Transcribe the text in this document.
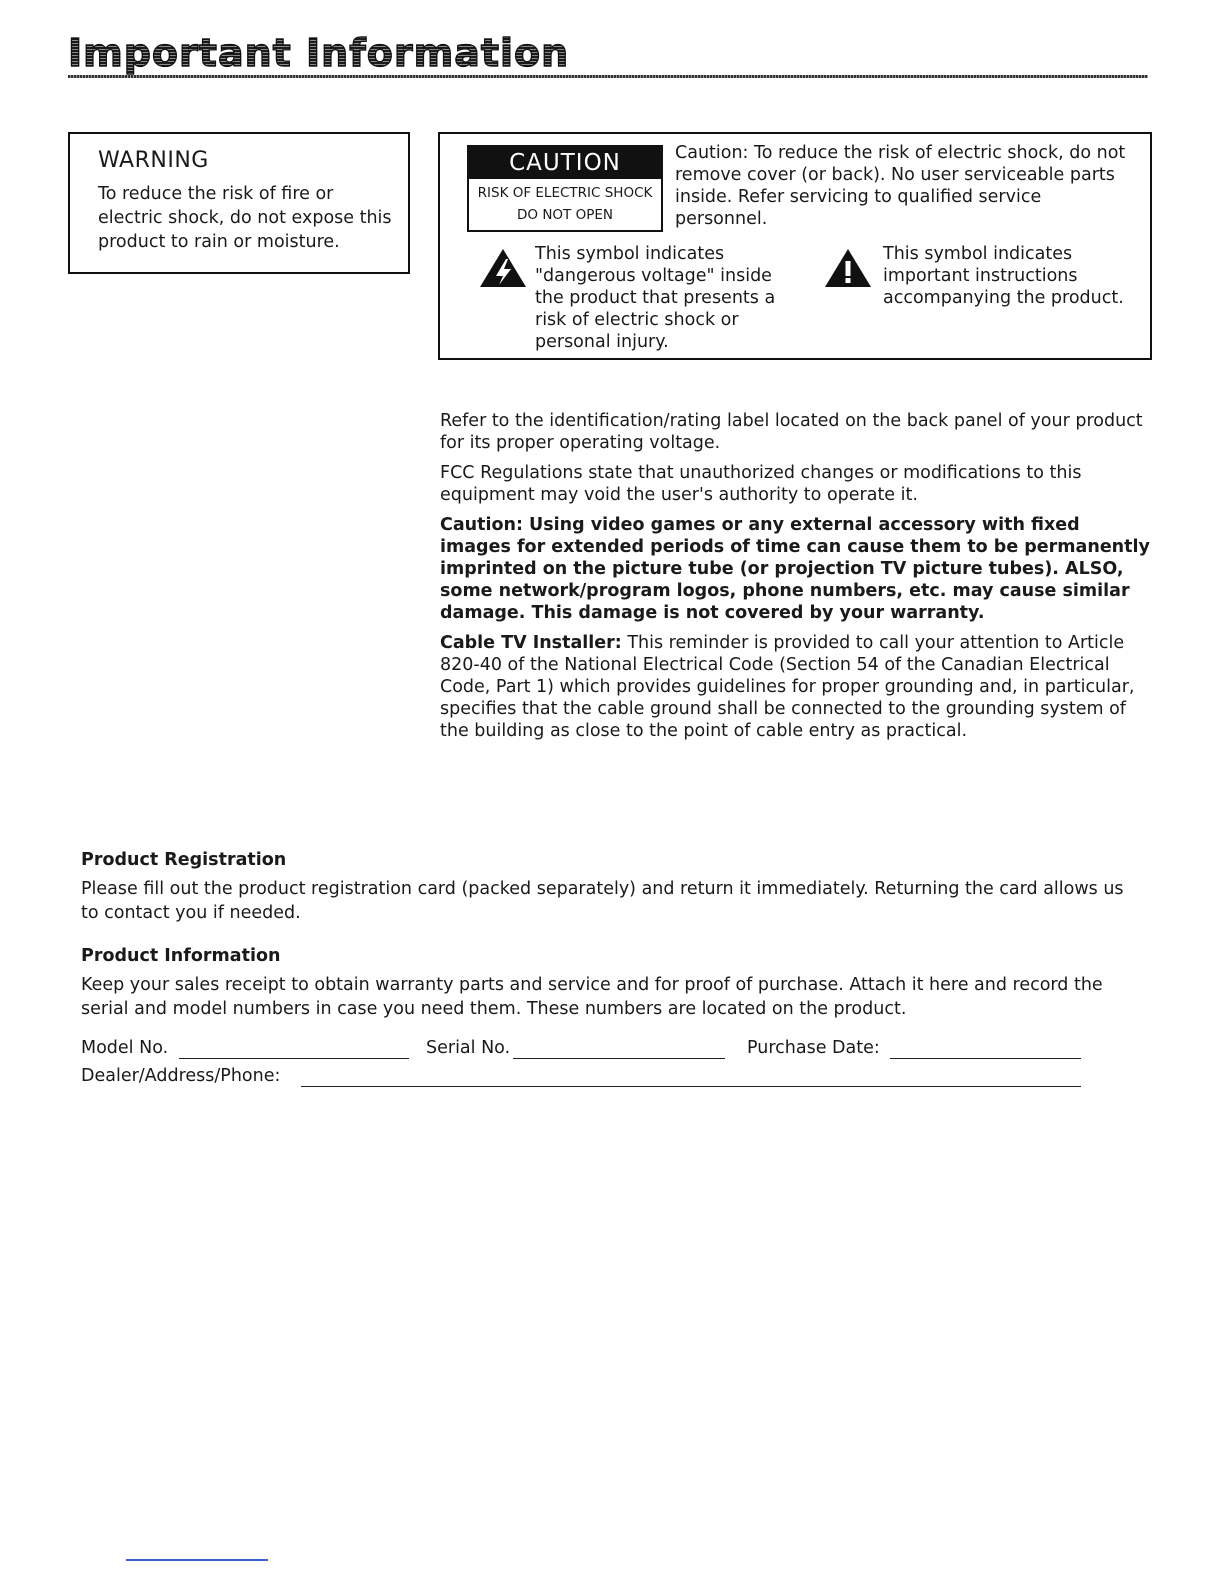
Important Information
WARNING
To reduce the risk of fire or electric shock, do not expose this product to rain or moisture.
CAUTION
RISK OF ELECTRIC SHOCK
DO NOT OPEN
Caution: To reduce the risk of electric shock, do not remove cover (or back). No user serviceable parts inside. Refer servicing to qualified service personnel.
This symbol indicates "dangerous voltage" inside the product that presents a risk of electric shock or personal injury.
This symbol indicates important instructions accompanying the product.

Refer to the identification/rating label located on the back panel of your product for its proper operating voltage.

FCC Regulations state that unauthorized changes or modifications to this equipment may void the user's authority to operate it.

Caution: Using video games or any external accessory with fixed images for extended periods of time can cause them to be permanently imprinted on the picture tube (or projection TV picture tubes). ALSO, some network/program logos, phone numbers, etc. may cause similar damage. This damage is not covered by your warranty.

Cable TV Installer: This reminder is provided to call your attention to Article 820-40 of the National Electrical Code (Section 54 of the Canadian Electrical Code, Part 1) which provides guidelines for proper grounding and, in particular, specifies that the cable ground shall be connected to the grounding system of the building as close to the point of cable entry as practical.

Product Registration

Please fill out the product registration card (packed separately) and return it immediately. Returning the card allows us to contact you if needed.

Product Information

Keep your sales receipt to obtain warranty parts and service and for proof of purchase. Attach it here and record the serial and model numbers in case you need them. These numbers are located on the product.

Model No.	Serial No.	Purchase Date:
Dealer/Address/Phone:
